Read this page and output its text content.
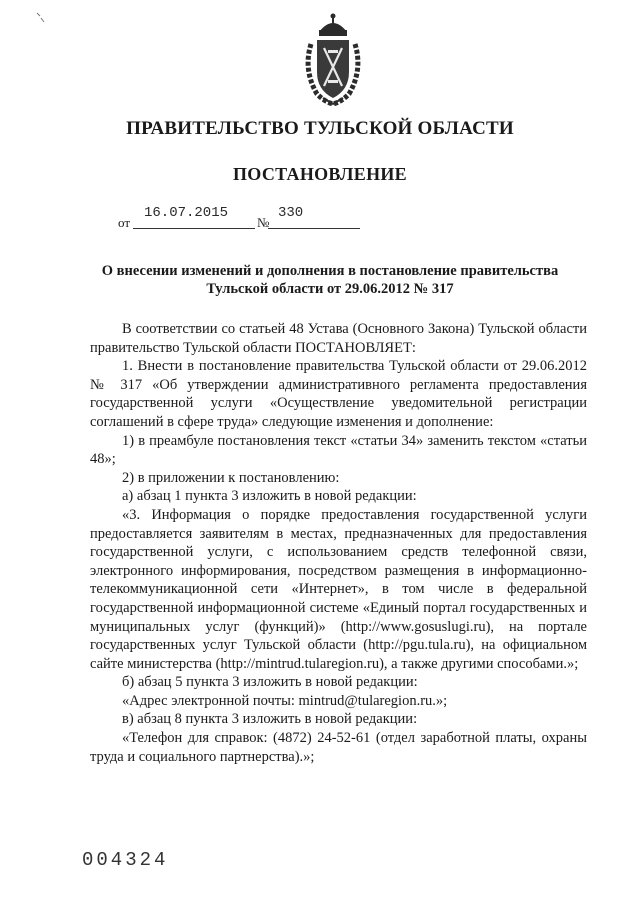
ПРАВИТЕЛЬСТВО ТУЛЬСКОЙ ОБЛАСТИ
ПОСТАНОВЛЕНИЕ
от
16.07.2015
№
330
О внесении изменений и дополнения в постановление правительства
Тульской области от 29.06.2012 № 317

В соответствии со статьей 48 Устава (Основного Закона) Тульской области правительство Тульской области ПОСТАНОВЛЯЕТ:

1. Внести в постановление правительства Тульской области от 29.06.2012 № 317 «Об утверждении административного регламента предоставления государственной услуги «Осуществление уведомительной регистрации соглашений в сфере труда» следующие изменения и дополнение:

1) в преамбуле постановления текст «статьи 34» заменить текстом «статьи 48»;

2) в приложении к постановлению:

а) абзац 1 пункта 3 изложить в новой редакции:

«3. Информация о порядке предоставления государственной услуги предоставляется заявителям в местах, предназначенных для предоставления государственной услуги, с использованием средств телефонной связи, электронного информирования, посредством размещения в информационно-телекоммуникационной сети «Интернет», в том числе в федеральной государственной информационной системе «Единый портал государственных и муниципальных услуг (функций)» (http://www.gosuslugi.ru), на портале государственных услуг Тульской области (http://pgu.tula.ru), на официальном сайте министерства (http://mintrud.tularegion.ru), а также другими способами.»;

б) абзац 5 пункта 3 изложить в новой редакции:

«Адрес электронной почты: mintrud@tularegion.ru.»;

в) абзац 8 пункта 3 изложить в новой редакции:

«Телефон для справок: (4872) 24-52-61 (отдел заработной платы, охраны труда и социального партнерства).»;

004324
